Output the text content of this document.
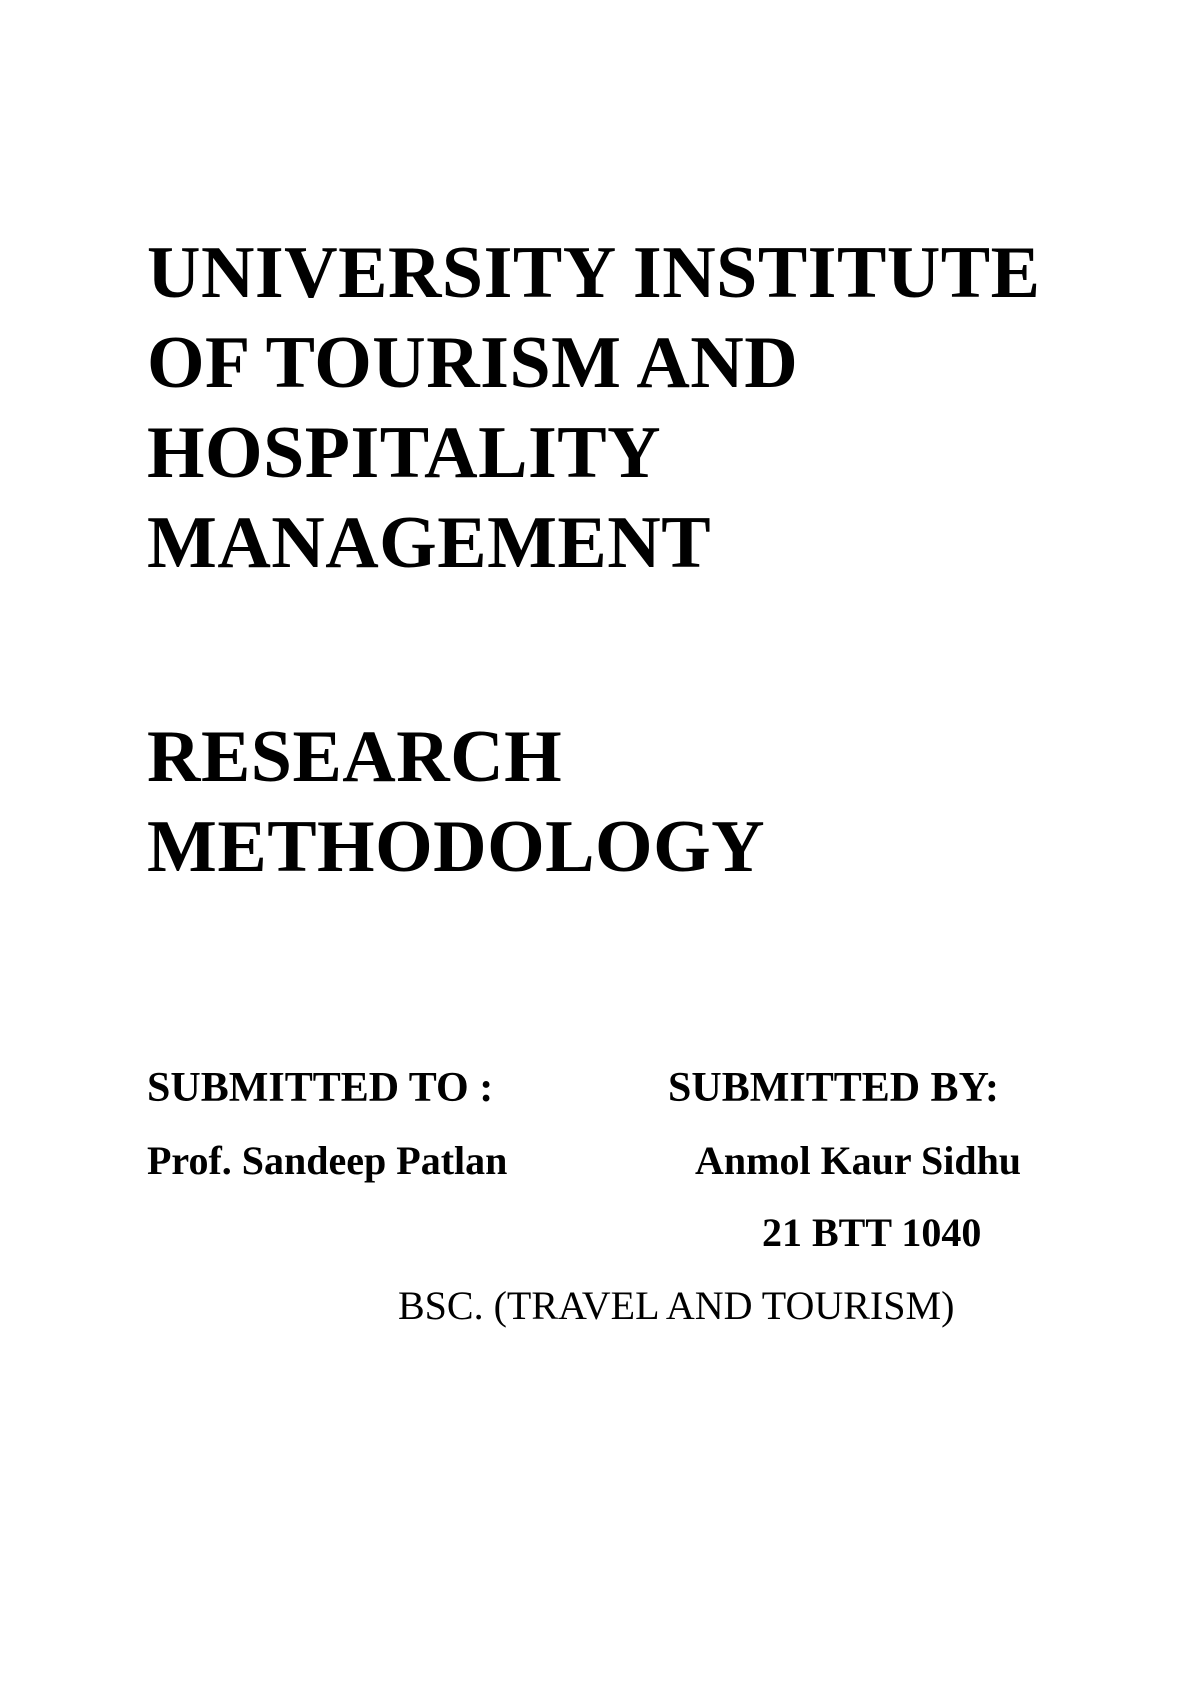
UNIVERSITY INSTITUTE
OF TOURISM AND
HOSPITALITY
MANAGEMENT
RESEARCH
METHODOLOGY
SUBMITTED TO :	SUBMITTED BY:
Prof. Sandeep Patlan	Anmol Kaur Sidhu
21 BTT 1040
BSC. (TRAVEL AND TOURISM)
